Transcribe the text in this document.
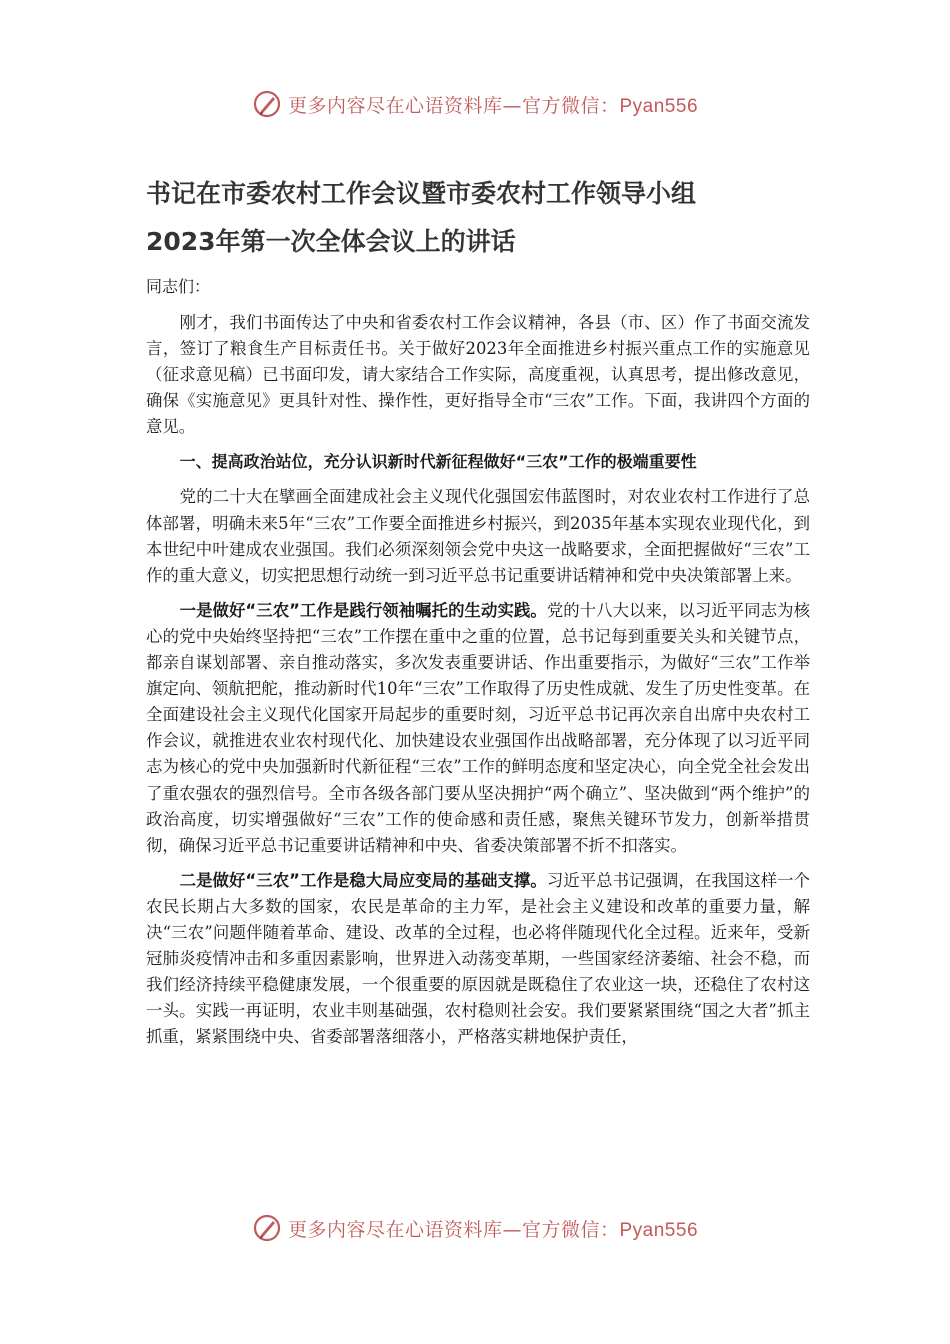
更多内容尽在心语资料库—官方微信：Pyan556
书记在市委农村工作会议暨市委农村工作领导小组
2023年第一次全体会议上的讲话
同志们：

刚才，我们书面传达了中央和省委农村工作会议精神，各县（市、区）作了书面交流发言，签订了粮食生产目标责任书。关于做好2023年全面推进乡村振兴重点工作的实施意见（征求意见稿）已书面印发，请大家结合工作实际，高度重视，认真思考，提出修改意见，确保《实施意见》更具针对性、操作性，更好指导全市“三农”工作。下面，我讲四个方面的意见。

一、提高政治站位，充分认识新时代新征程做好“三农”工作的极端重要性

党的二十大在擘画全面建成社会主义现代化强国宏伟蓝图时，对农业农村工作进行了总体部署，明确未来5年“三农”工作要全面推进乡村振兴，到2035年基本实现农业现代化，到本世纪中叶建成农业强国。我们必须深刻领会党中央这一战略要求，全面把握做好“三农”工作的重大意义，切实把思想行动统一到习近平总书记重要讲话精神和党中央决策部署上来。

一是做好“三农”工作是践行领袖嘱托的生动实践。党的十八大以来，以习近平同志为核心的党中央始终坚持把“三农”工作摆在重中之重的位置，总书记每到重要关头和关键节点，都亲自谋划部署、亲自推动落实，多次发表重要讲话、作出重要指示，为做好“三农”工作举旗定向、领航把舵，推动新时代10年“三农”工作取得了历史性成就、发生了历史性变革。在全面建设社会主义现代化国家开局起步的重要时刻，习近平总书记再次亲自出席中央农村工作会议，就推进农业农村现代化、加快建设农业强国作出战略部署，充分体现了以习近平同志为核心的党中央加强新时代新征程“三农”工作的鲜明态度和坚定决心，向全党全社会发出了重农强农的强烈信号。全市各级各部门要从坚决拥护“两个确立”、坚决做到“两个维护”的政治高度，切实增强做好“三农”工作的使命感和责任感，聚焦关键环节发力，创新举措贯彻，确保习近平总书记重要讲话精神和中央、省委决策部署不折不扣落实。

二是做好“三农”工作是稳大局应变局的基础支撑。习近平总书记强调，在我国这样一个农民长期占大多数的国家，农民是革命的主力军，是社会主义建设和改革的重要力量，解决“三农”问题伴随着革命、建设、改革的全过程，也必将伴随现代化全过程。近来年，受新冠肺炎疫情冲击和多重因素影响，世界进入动荡变革期，一些国家经济萎缩、社会不稳，而我们经济持续平稳健康发展，一个很重要的原因就是既稳住了农业这一块，还稳住了农村这一头。实践一再证明，农业丰则基础强，农村稳则社会安。我们要紧紧围绕“国之大者”抓主抓重，紧紧围绕中央、省委部署落细落小，严格落实耕地保护责任，

更多内容尽在心语资料库—官方微信：Pyan556
